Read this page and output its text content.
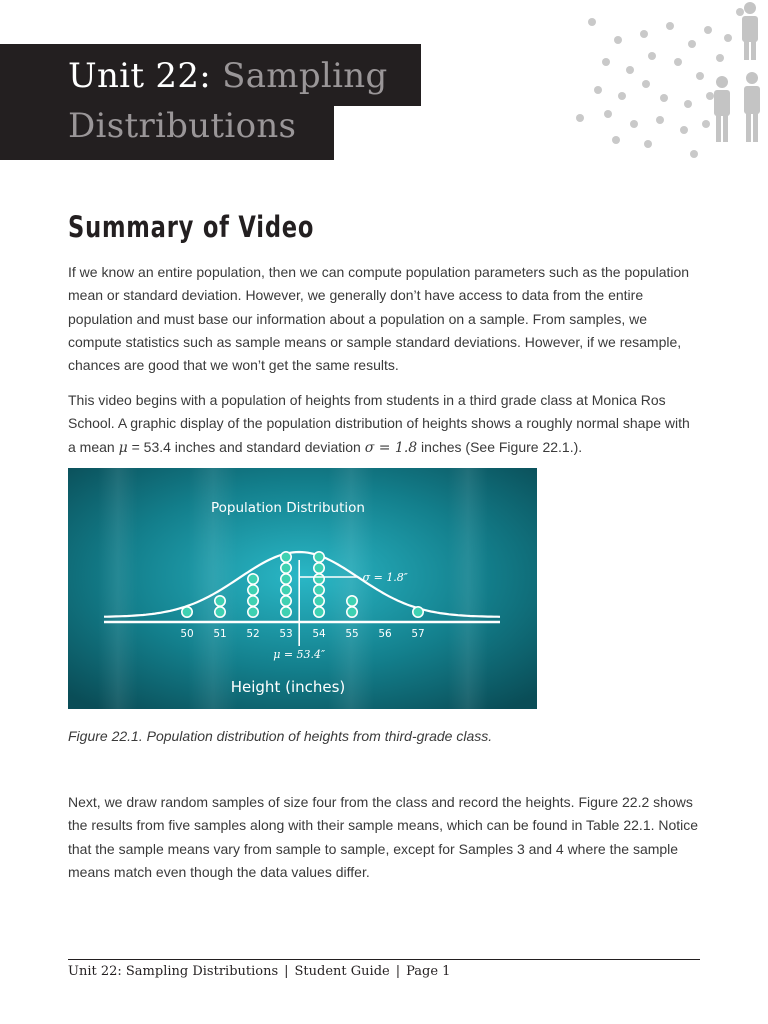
Unit 22: Sampling
Distributions
Summary of Video

If we know an entire population, then we can compute population parameters such as the population mean or standard deviation. However, we generally don’t have access to data from the entire population and must base our information about a population on a sample. From samples, we compute statistics such as sample means or sample standard deviations. However, if we resample, chances are good that we won’t get the same results.

This video begins with a population of heights from students in a third grade class at Monica Ros School. A graphic display of the population distribution of heights shows a roughly normal shape with a mean μ = 53.4 inches and standard deviation σ = 1.8 inches (See Figure 22.1.).

Population Distribution
50 51 52 53 54 55 56 57
σ = 1.8″
μ = 53.4″
Height (inches)

Figure 22.1. Population distribution of heights from third-grade class.

Next, we draw random samples of size four from the class and record the heights. Figure 22.2 shows the results from five samples along with their sample means, which can be found in Table 22.1. Notice that the sample means vary from sample to sample, except for Samples 3 and 4 where the sample means match even though the data values differ.

Unit 22: Sampling Distributions | Student Guide | Page 1
